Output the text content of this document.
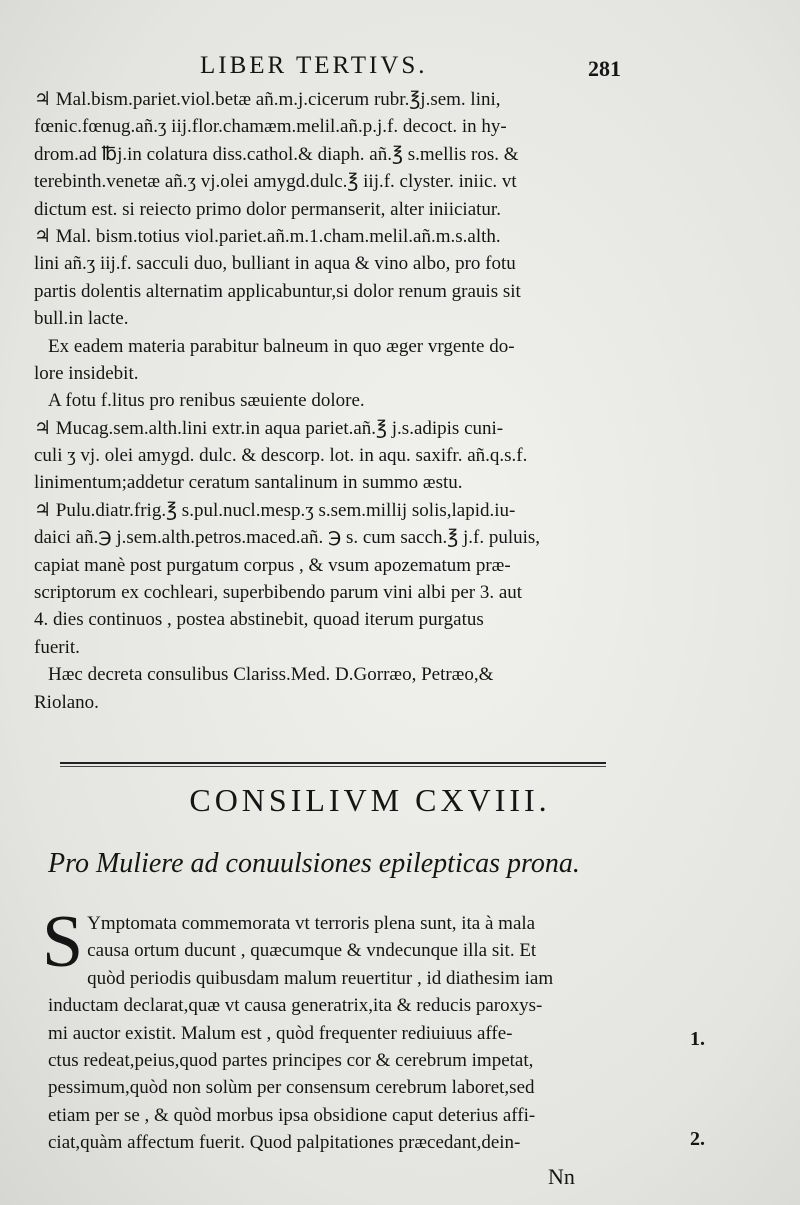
LIBER TERTIVS.	281
♃ Mal.bism.pariet.viol.betæ añ.m.j.cicerum rubr.℥j.sem. lini,
fœnic.fœnug.añ.ʒ iij.flor.chamæm.melil.añ.p.j.f. decoct. in hy-
drom.ad ℔j.in colatura diss.cathol.& diaph. añ.℥ s.mellis ros. &
terebinth.venetæ añ.ʒ vj.olei amygd.dulc.℥ iij.f. clyster. iniic. vt
dictum est. si reiecto primo dolor permanserit, alter iniiciatur.
♃ Mal. bism.totius viol.pariet.añ.m.1.cham.melil.añ.m.s.alth.
lini añ.ʒ iij.f. sacculi duo, bulliant in aqua & vino albo, pro fotu
partis dolentis alternatim applicabuntur,si dolor renum grauis sit
bull.in lacte.
Ex eadem materia parabitur balneum in quo æger vrgente do-
lore insidebit.
A fotu f.litus pro renibus sæuiente dolore.
♃ Mucag.sem.alth.lini extr.in aqua pariet.añ.℥ j.s.adipis cuni-
culi ʒ vj. olei amygd. dulc. & descorp. lot. in aqu. saxifr. añ.q.s.f.
linimentum;addetur ceratum santalinum in summo æstu.
♃ Pulu.diatr.frig.℥ s.pul.nucl.mesp.ʒ s.sem.millij solis,lapid.iu-
daici añ.℈ j.sem.alth.petros.maced.añ. ℈ s. cum sacch.℥ j.f. puluis,
capiat manè post purgatum corpus , & vsum apozematum præ-
scriptorum ex cochleari, superbibendo parum vini albi per 3. aut
4. dies continuos , postea abstinebit, quoad iterum purgatus
fuerit.
Hæc decreta consulibus Clariss.Med. D.Gorræo, Petræo,&
Riolano.
CONSILIVM CXVIII.
Pro Muliere ad conuulsiones epilepticas prona.
S Ymptomata commemorata vt terroris plena sunt, ita à mala
causa ortum ducunt , quæcumque & vndecunque illa sit. Et
quòd periodis quibusdam malum reuertitur , id diathesim iam
inductam declarat,quæ vt causa generatrix,ita & reducis paroxys-
mi auctor existit. Malum est , quòd frequenter rediuiuus affe-
ctus redeat,peius,quod partes principes cor & cerebrum impetat,
pessimum,quòd non solùm per consensum cerebrum laboret,sed
etiam per se , & quòd morbus ipsa obsidione caput deterius affi-
ciat,quàm affectum fuerit. Quod palpitationes præcedant,dein-
1.
2.
Nn
